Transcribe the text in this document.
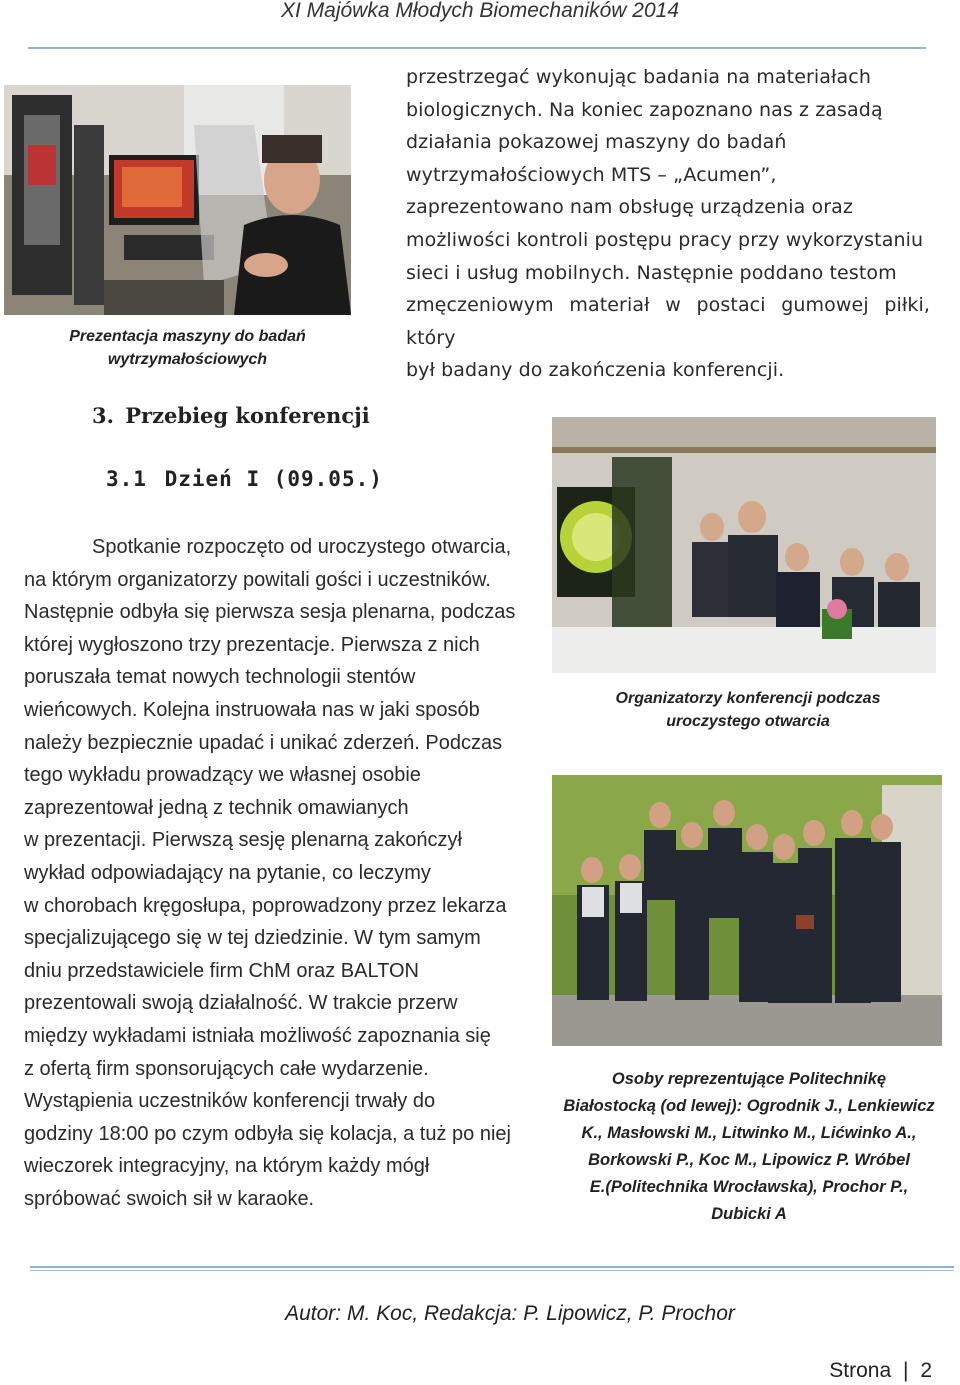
XI Majówka Młodych Biomechaników 2014
Prezentacja maszyny do badań
wytrzymałościowych
przestrzegać wykonując badania na materiałach
biologicznych. Na koniec zapoznano nas z zasadą
działania pokazowej maszyny do badań
wytrzymałościowych MTS – „Acumen”,
zaprezentowano nam obsługę urządzenia oraz
możliwości kontroli postępu pracy przy wykorzystaniu
sieci i usług mobilnych. Następnie poddano testom
zmęczeniowym materiał w postaci gumowej piłki, który
był badany do zakończenia konferencji.
3. Przebieg konferencji
3.1 Dzień I (09.05.)
Spotkanie rozpoczęto od uroczystego otwarcia,
na którym organizatorzy powitali gości i uczestników.
Następnie odbyła się pierwsza sesja plenarna, podczas
której wygłoszono trzy prezentacje. Pierwsza z nich
poruszała temat nowych technologii stentów
wieńcowych. Kolejna instruowała nas w jaki sposób
należy bezpiecznie upadać i unikać zderzeń. Podczas
tego wykładu prowadzący we własnej osobie
zaprezentował jedną z technik omawianych
w prezentacji. Pierwszą sesję plenarną zakończył
wykład odpowiadający na pytanie, co leczymy
w chorobach kręgosłupa, poprowadzony przez lekarza
specjalizującego się w tej dziedzinie. W tym samym
dniu przedstawiciele firm ChM oraz BALTON
prezentowali swoją działalność. W trakcie przerw
między wykładami istniała możliwość zapoznania się
z ofertą firm sponsorujących całe wydarzenie.
Wystąpienia uczestników konferencji trwały do
godziny 18:00 po czym odbyła się kolacja, a tuż po niej
wieczorek integracyjny, na którym każdy mógł
spróbować swoich sił w karaoke.
Organizatorzy konferencji podczas
uroczystego otwarcia
Osoby reprezentujące Politechnikę
Białostocką (od lewej): Ogrodnik J., Lenkiewicz
K., Masłowski M., Litwinko M., Lićwinko A.,
Borkowski P., Koc M., Lipowicz P. Wróbel
E.(Politechnika Wrocławska), Prochor P.,
Dubicki A
Autor: M. Koc, Redakcja: P. Lipowicz, P. Prochor
Strona | 2
